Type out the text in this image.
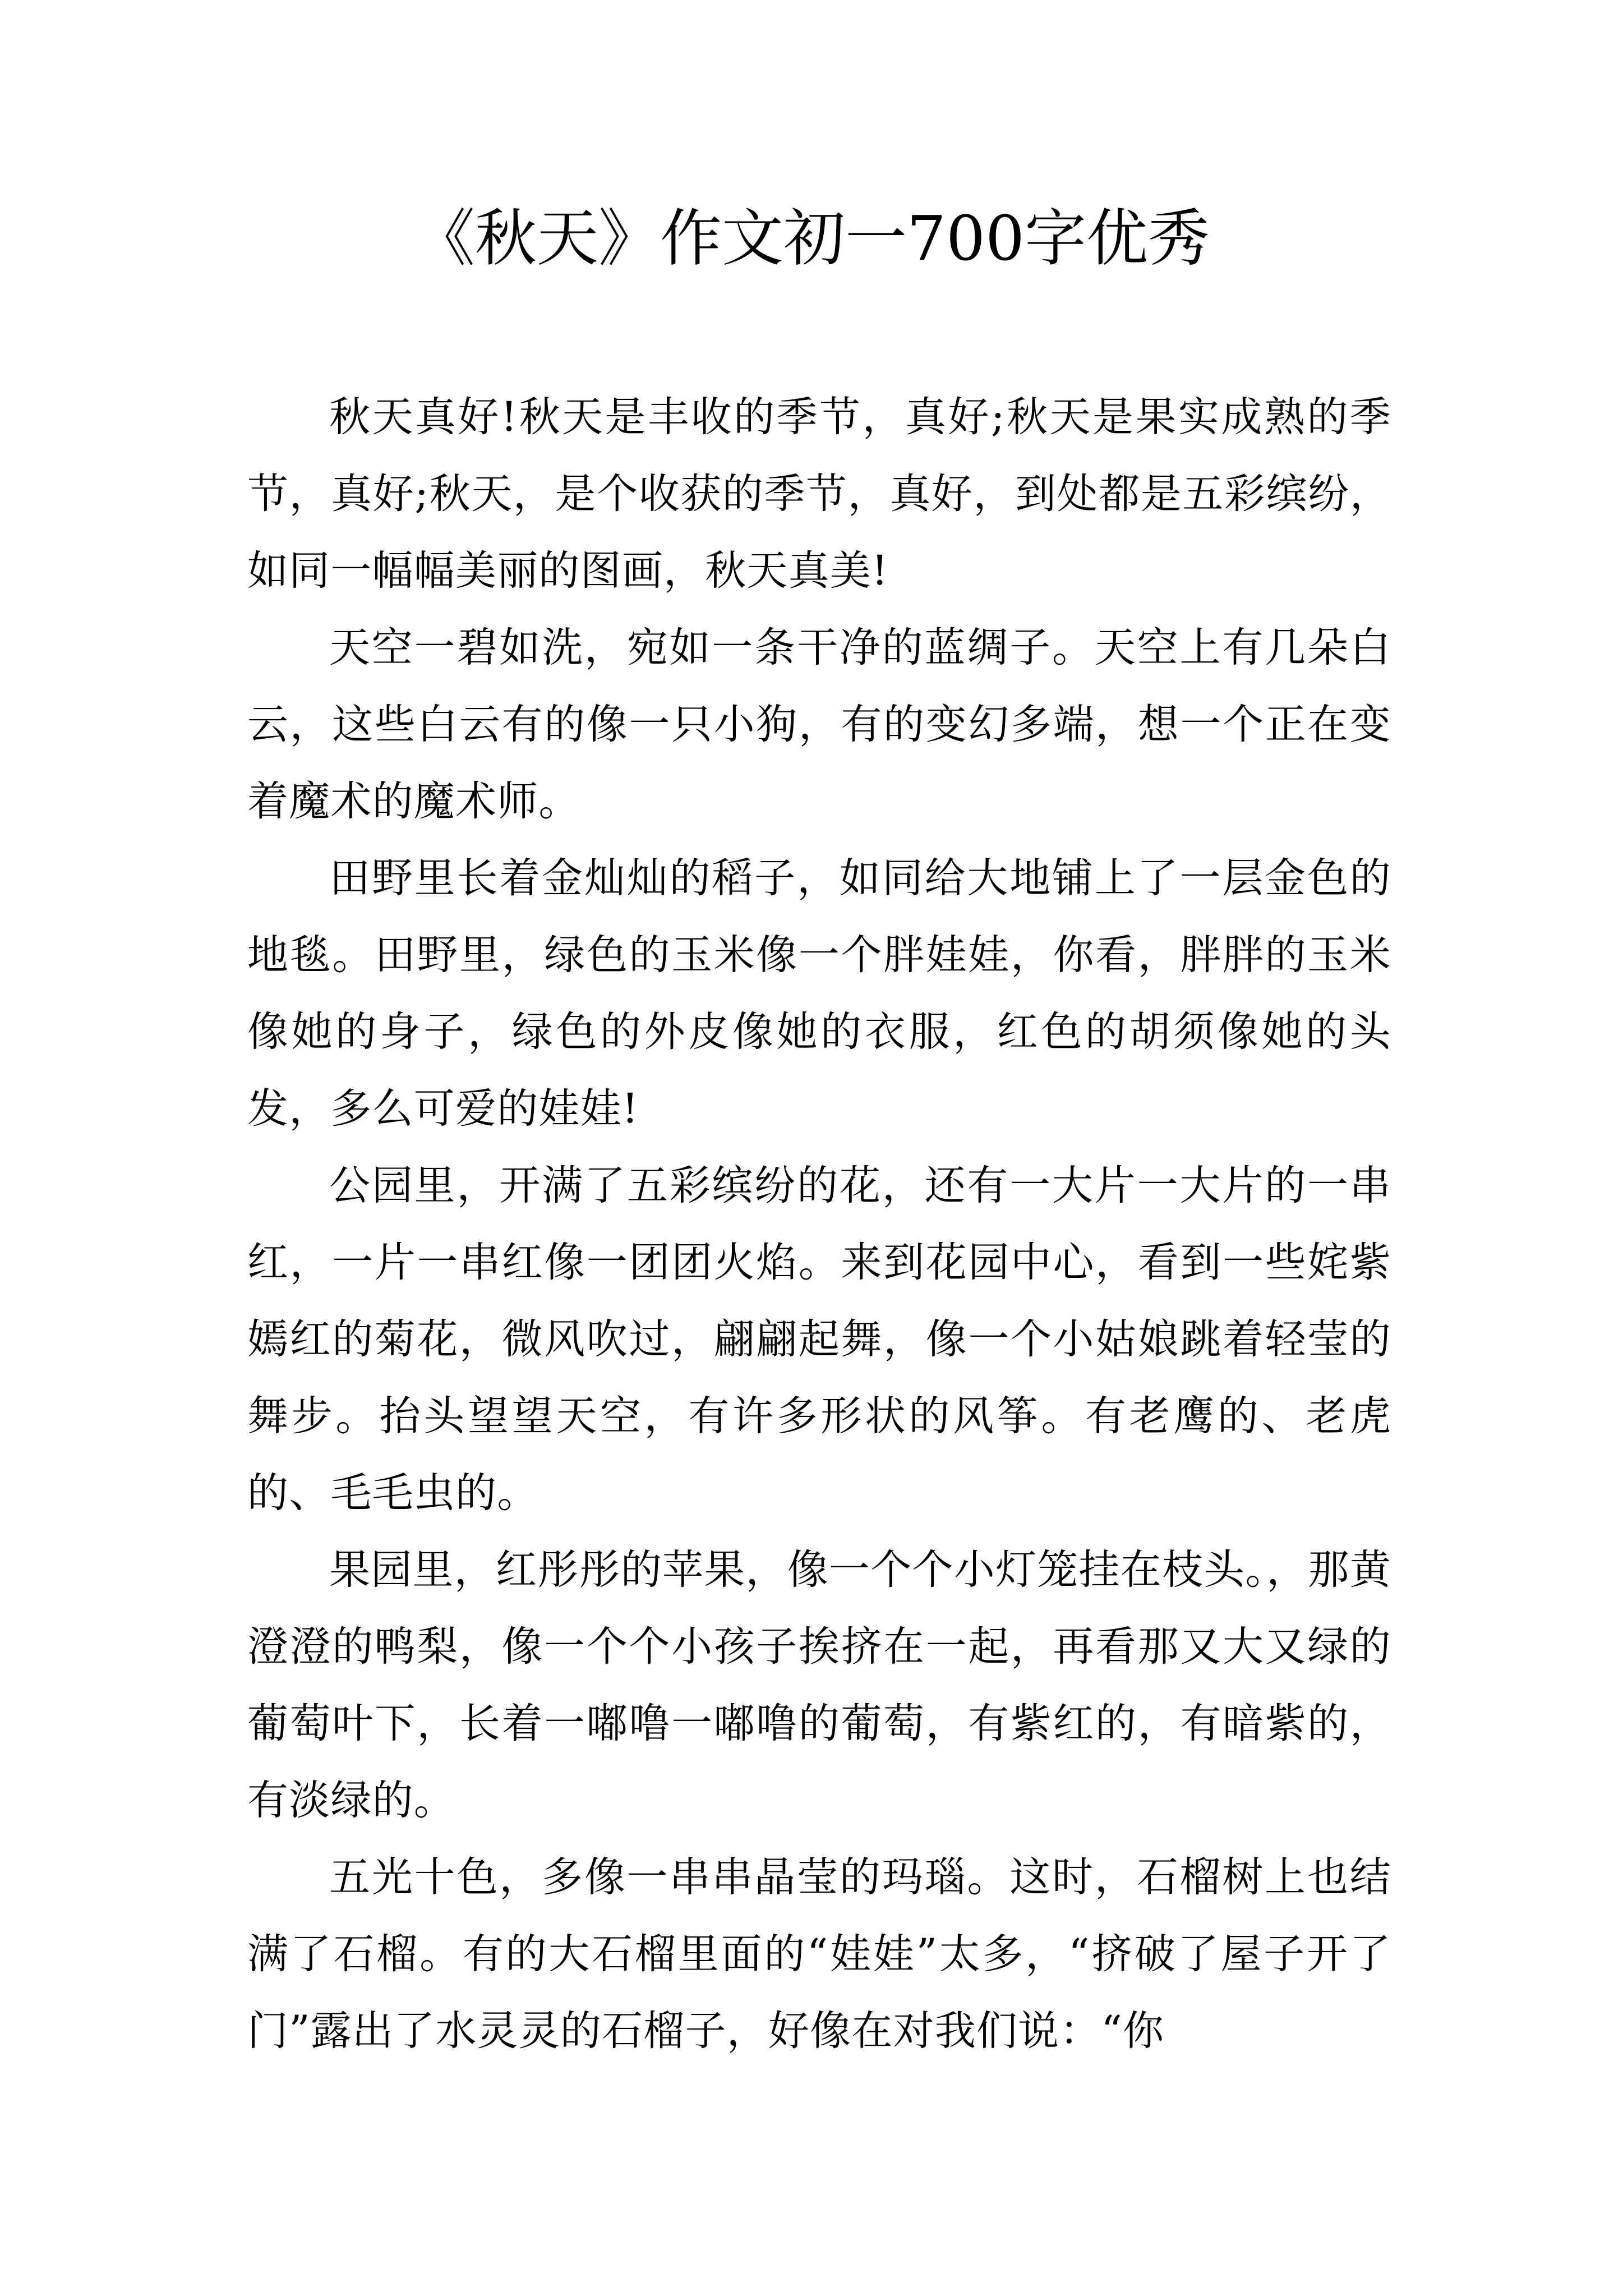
《秋天》作文初一700字优秀

秋天真好!秋天是丰收的季节，真好;秋天是果实成熟的季节，真好;秋天，是个收获的季节，真好，到处都是五彩缤纷，如同一幅幅美丽的图画，秋天真美!

天空一碧如洗，宛如一条干净的蓝绸子。天空上有几朵白云，这些白云有的像一只小狗，有的变幻多端，想一个正在变着魔术的魔术师。

田野里长着金灿灿的稻子，如同给大地铺上了一层金色的地毯。田野里，绿色的玉米像一个胖娃娃，你看，胖胖的玉米像她的身子，绿色的外皮像她的衣服，红色的胡须像她的头发，多么可爱的娃娃!

公园里，开满了五彩缤纷的花，还有一大片一大片的一串红，一片一串红像一团团火焰。来到花园中心，看到一些姹紫嫣红的菊花，微风吹过，翩翩起舞，像一个小姑娘跳着轻莹的舞步。抬头望望天空，有许多形状的风筝。有老鹰的、老虎的、毛毛虫的。

果园里，红彤彤的苹果，像一个个小灯笼挂在枝头。，那黄澄澄的鸭梨，像一个个小孩子挨挤在一起，再看那又大又绿的葡萄叶下，长着一嘟噜一嘟噜的葡萄，有紫红的，有暗紫的，有淡绿的。

五光十色，多像一串串晶莹的玛瑙。这时，石榴树上也结满了石榴。有的大石榴里面的“娃娃”太多，“挤破了屋子开了门”露出了水灵灵的石榴子，好像在对我们说：“你
